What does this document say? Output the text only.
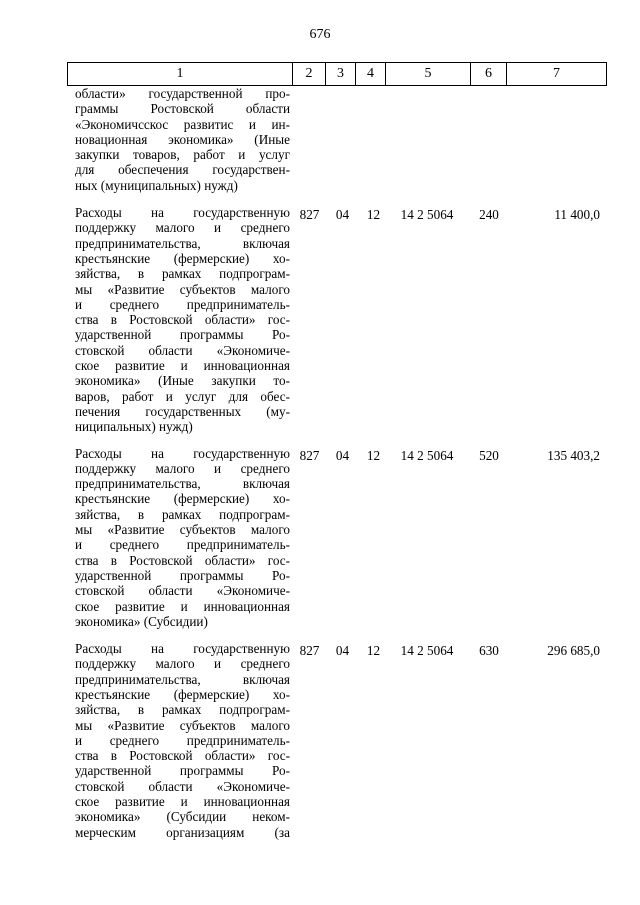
676
1	2	3	4	5	6	7
области» государственной про-
граммы Ростовской области
«Экономичсскос развитис и ин-
новационная экономика» (Иные
закупки товаров, работ и услуг
для обеспечения государствен-
ных (муниципальных) нужд)
Расходы на государственную
поддержку малого и среднего
предпринимательства, включая
крестьянские (фермерские) хо-
зяйства, в рамках подпрограм-
мы «Развитие субъектов малого
и среднего предприниматель-
ства в Ростовской области» гос-
ударственной программы Ро-
стовской области «Экономиче-
ское развитие и инновационная
экономика» (Иные закупки то-
варов, работ и услуг для обес-
печения государственных (му-
ниципальных) нужд)
827	04	12	14 2 5064	240	11 400,0
Расходы на государственную
поддержку малого и среднего
предпринимательства, включая
крестьянские (фермерские) хо-
зяйства, в рамках подпрограм-
мы «Развитие субъектов малого
и среднего предприниматель-
ства в Ростовской области» гос-
ударственной программы Ро-
стовской области «Экономиче-
ское развитие и инновационная
экономика» (Субсидии)
827	04	12	14 2 5064	520	135 403,2
Расходы на государственную
поддержку малого и среднего
предпринимательства, включая
крестьянские (фермерские) хо-
зяйства, в рамках подпрограм-
мы «Развитие субъектов малого
и среднего предприниматель-
ства в Ростовской области» гос-
ударственной программы Ро-
стовской области «Экономиче-
ское развитие и инновационная
экономика» (Субсидии неком-
мерческим организациям (за
827	04	12	14 2 5064	630	296 685,0
